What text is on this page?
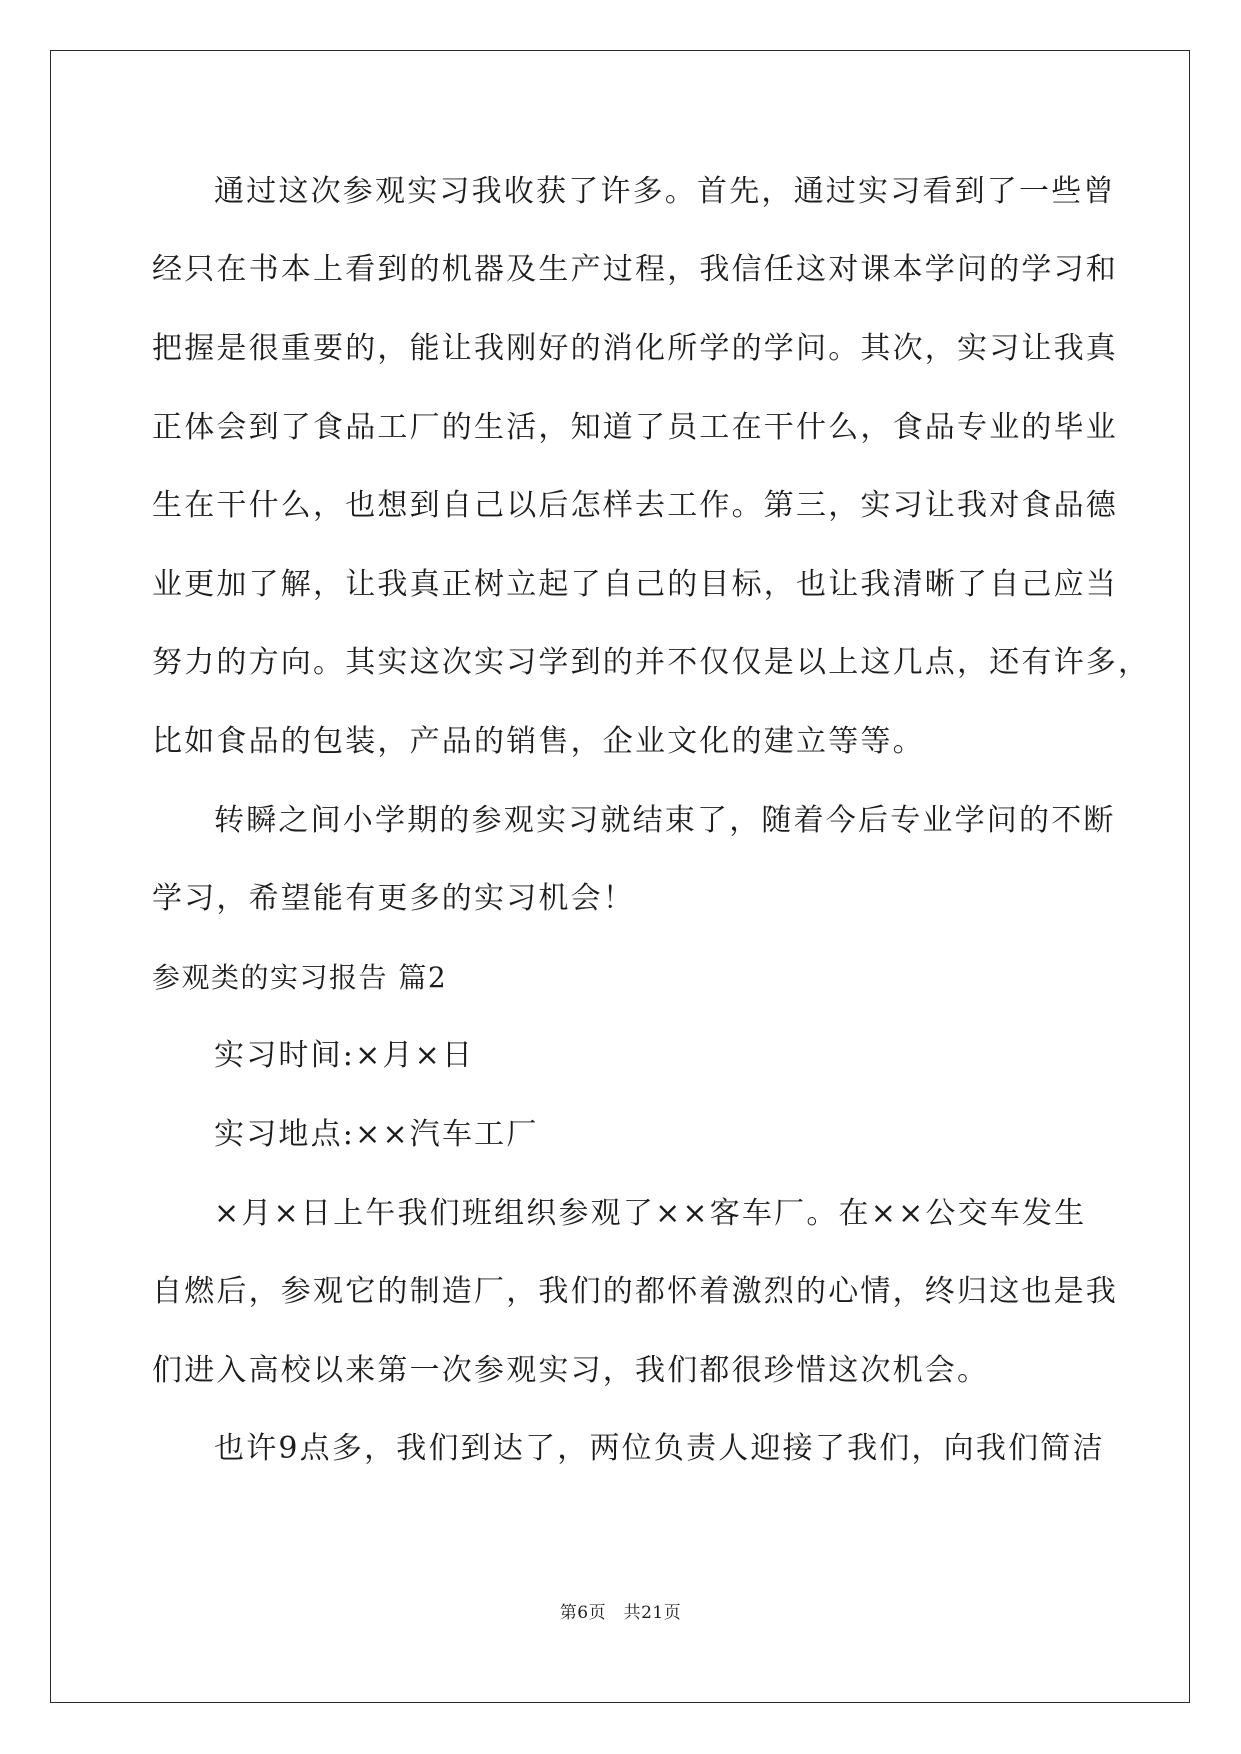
通过这次参观实习我收获了许多。首先，通过实习看到了一些曾

经只在书本上看到的机器及生产过程，我信任这对课本学问的学习和

把握是很重要的，能让我刚好的消化所学的学问。其次，实习让我真

正体会到了食品工厂的生活，知道了员工在干什么，食品专业的毕业

生在干什么，也想到自己以后怎样去工作。第三，实习让我对食品德

业更加了解，让我真正树立起了自己的目标，也让我清晰了自己应当

努力的方向。其实这次实习学到的并不仅仅是以上这几点，还有许多，

比如食品的包装，产品的销售，企业文化的建立等等。

转瞬之间小学期的参观实习就结束了，随着今后专业学问的不断

学习，希望能有更多的实习机会！

参观类的实习报告 篇2

实习时间:×月×日

实习地点:××汽车工厂

×月×日上午我们班组织参观了××客车厂。在××公交车发生

自燃后，参观它的制造厂，我们的都怀着激烈的心情，终归这也是我

们进入高校以来第一次参观实习，我们都很珍惜这次机会。

也许9点多，我们到达了，两位负责人迎接了我们，向我们简洁

第6页　共21页
